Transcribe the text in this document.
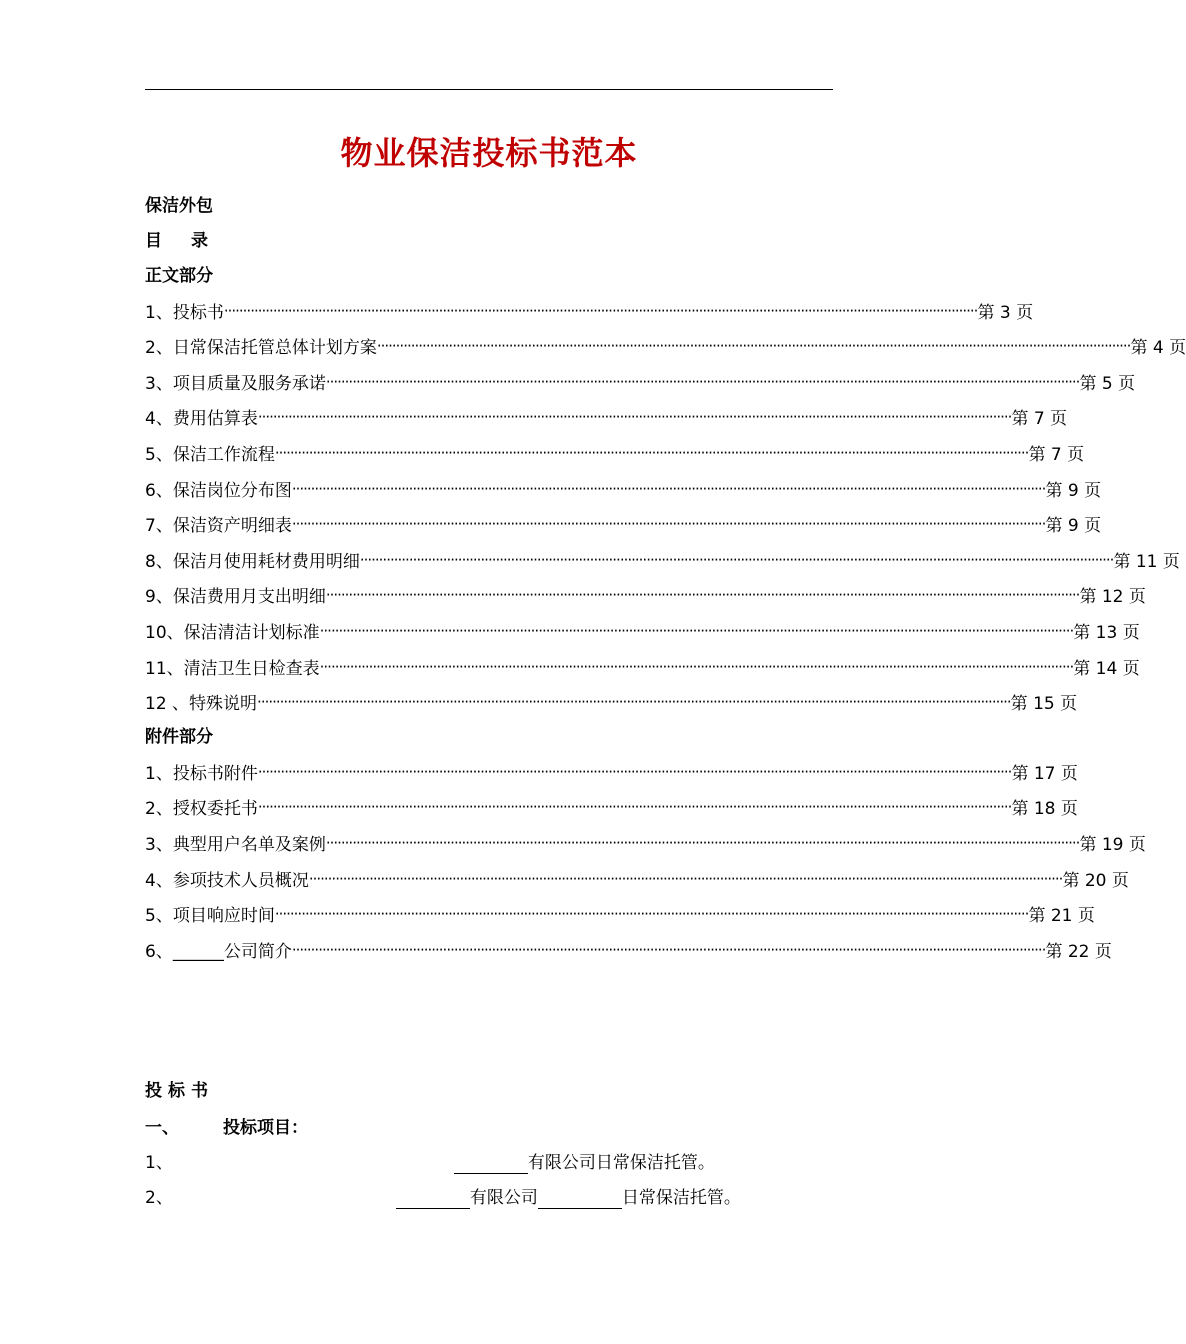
物业保洁投标书范本
保洁外包
目　录
正文部分
1、投标书 ········································································································································································································ 第 3 页
2、日常保洁托管总体计划方案 ········································································································································································································ 第 4 页
3、项目质量及服务承诺 ········································································································································································································ 第 5 页
4、费用估算表 ········································································································································································································ 第 7 页
5、保洁工作流程 ········································································································································································································ 第 7 页
6、保洁岗位分布图 ········································································································································································································ 第 9 页
7、保洁资产明细表 ········································································································································································································ 第 9 页
8、保洁月使用耗材费用明细 ········································································································································································································ 第 11 页
9、保洁费用月支出明细 ········································································································································································································ 第 12 页
10、保洁清洁计划标准 ········································································································································································································ 第 13 页
11、清洁卫生日检查表 ········································································································································································································ 第 14 页
12 、特殊说明 ········································································································································································································ 第 15 页
附件部分
1、投标书附件 ········································································································································································································ 第 17 页
2、授权委托书 ········································································································································································································ 第 18 页
3、典型用户名单及案例 ········································································································································································································ 第 19 页
4、参项技术人员概况 ········································································································································································································ 第 20 页
5、项目响应时间 ········································································································································································································ 第 21 页
6、______公司简介 ········································································································································································································ 第 22 页
投标书
一、	投标项目：
1、	有限公司日常保洁托管。
2、	有限公司	日常保洁托管。
